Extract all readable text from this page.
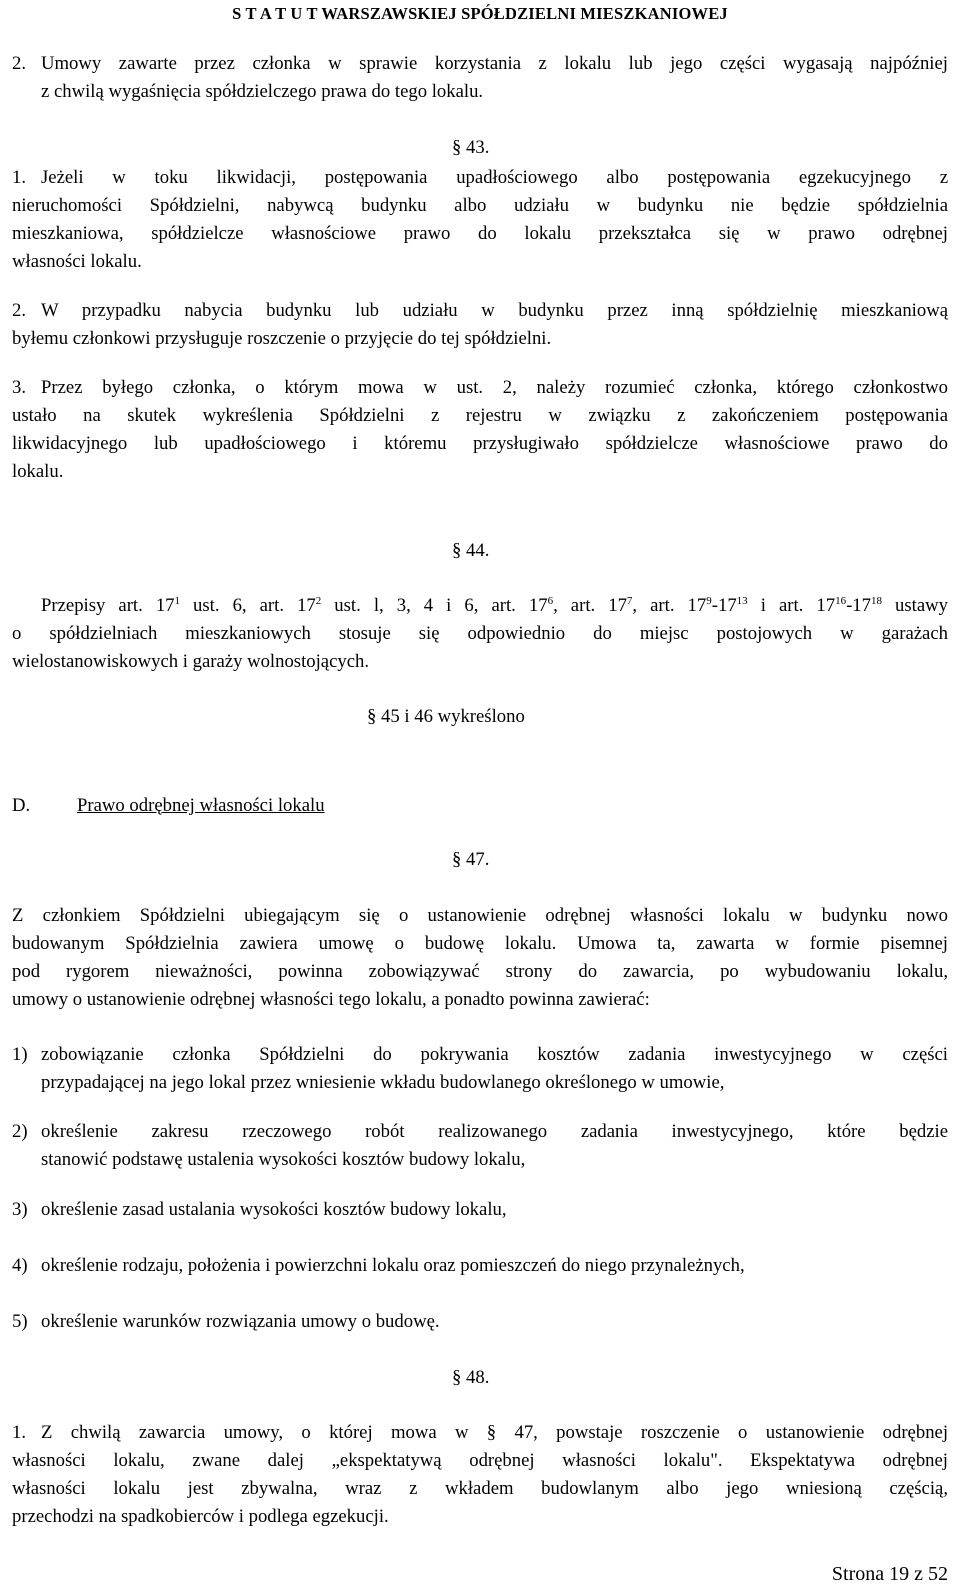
S T A T U T WARSZAWSKIEJ SPÓŁDZIELNI MIESZKANIOWEJ
2. Umowy zawarte przez członka w sprawie korzystania z lokalu lub jego części wygasają najpóźniej
z chwilą wygaśnięcia spółdzielczego prawa do tego lokalu.
§ 43.
1. Jeżeli w toku likwidacji, postępowania upadłościowego albo postępowania egzekucyjnego z
nieruchomości Spółdzielni, nabywcą budynku albo udziału w budynku nie będzie spółdzielnia
mieszkaniowa, spółdzielcze własnościowe prawo do lokalu przekształca się w prawo odrębnej
własności lokalu.
2. W przypadku nabycia budynku lub udziału w budynku przez inną spółdzielnię mieszkaniową
byłemu członkowi przysługuje roszczenie o przyjęcie do tej spółdzielni.
3. Przez byłego członka, o którym mowa w ust. 2, należy rozumieć członka, którego członkostwo
ustało na skutek wykreślenia Spółdzielni z rejestru w związku z zakończeniem postępowania
likwidacyjnego lub upadłościowego i któremu przysługiwało spółdzielcze własnościowe prawo do
lokalu.
§ 44.
Przepisy art. $17^1$ ust. 6, art. $17^2$ ust. l, 3, 4 i 6, art. $17^6$, art. $17^7$, art. $17^9-17^{13}$ i art. $17^{16}-17^{18}$ ustawy
o spółdzielniach mieszkaniowych stosuje się odpowiednio do miejsc postojowych w garażach
wielostanowiskowych i garaży wolnostojących.
§ 45 i 46 wykreślono
D.	Prawo odrębnej własności lokalu
§ 47.
Z członkiem Spółdzielni ubiegającym się o ustanowienie odrębnej własności lokalu w budynku nowo
budowanym Spółdzielnia zawiera umowę o budowę lokalu. Umowa ta, zawarta w formie pisemnej
pod rygorem nieważności, powinna zobowiązywać strony do zawarcia, po wybudowaniu lokalu,
umowy o ustanowienie odrębnej własności tego lokalu, a ponadto powinna zawierać:
1) zobowiązanie członka Spółdzielni do pokrywania kosztów zadania inwestycyjnego w części
przypadającej na jego lokal przez wniesienie wkładu budowlanego określonego w umowie,
2) określenie zakresu rzeczowego robót realizowanego zadania inwestycyjnego, które będzie
stanowić podstawę ustalenia wysokości kosztów budowy lokalu,
3) określenie zasad ustalania wysokości kosztów budowy lokalu,
4) określenie rodzaju, położenia i powierzchni lokalu oraz pomieszczeń do niego przynależnych,
5) określenie warunków rozwiązania umowy o budowę.
§ 48.
1. Z chwilą zawarcia umowy, o której mowa w § 47, powstaje roszczenie o ustanowienie odrębnej
własności lokalu, zwane dalej „ekspektatywą odrębnej własności lokalu". Ekspektatywa odrębnej
własności lokalu jest zbywalna, wraz z wkładem budowlanym albo jego wniesioną częścią,
przechodzi na spadkobierców i podlega egzekucji.
Strona 19 z 52
